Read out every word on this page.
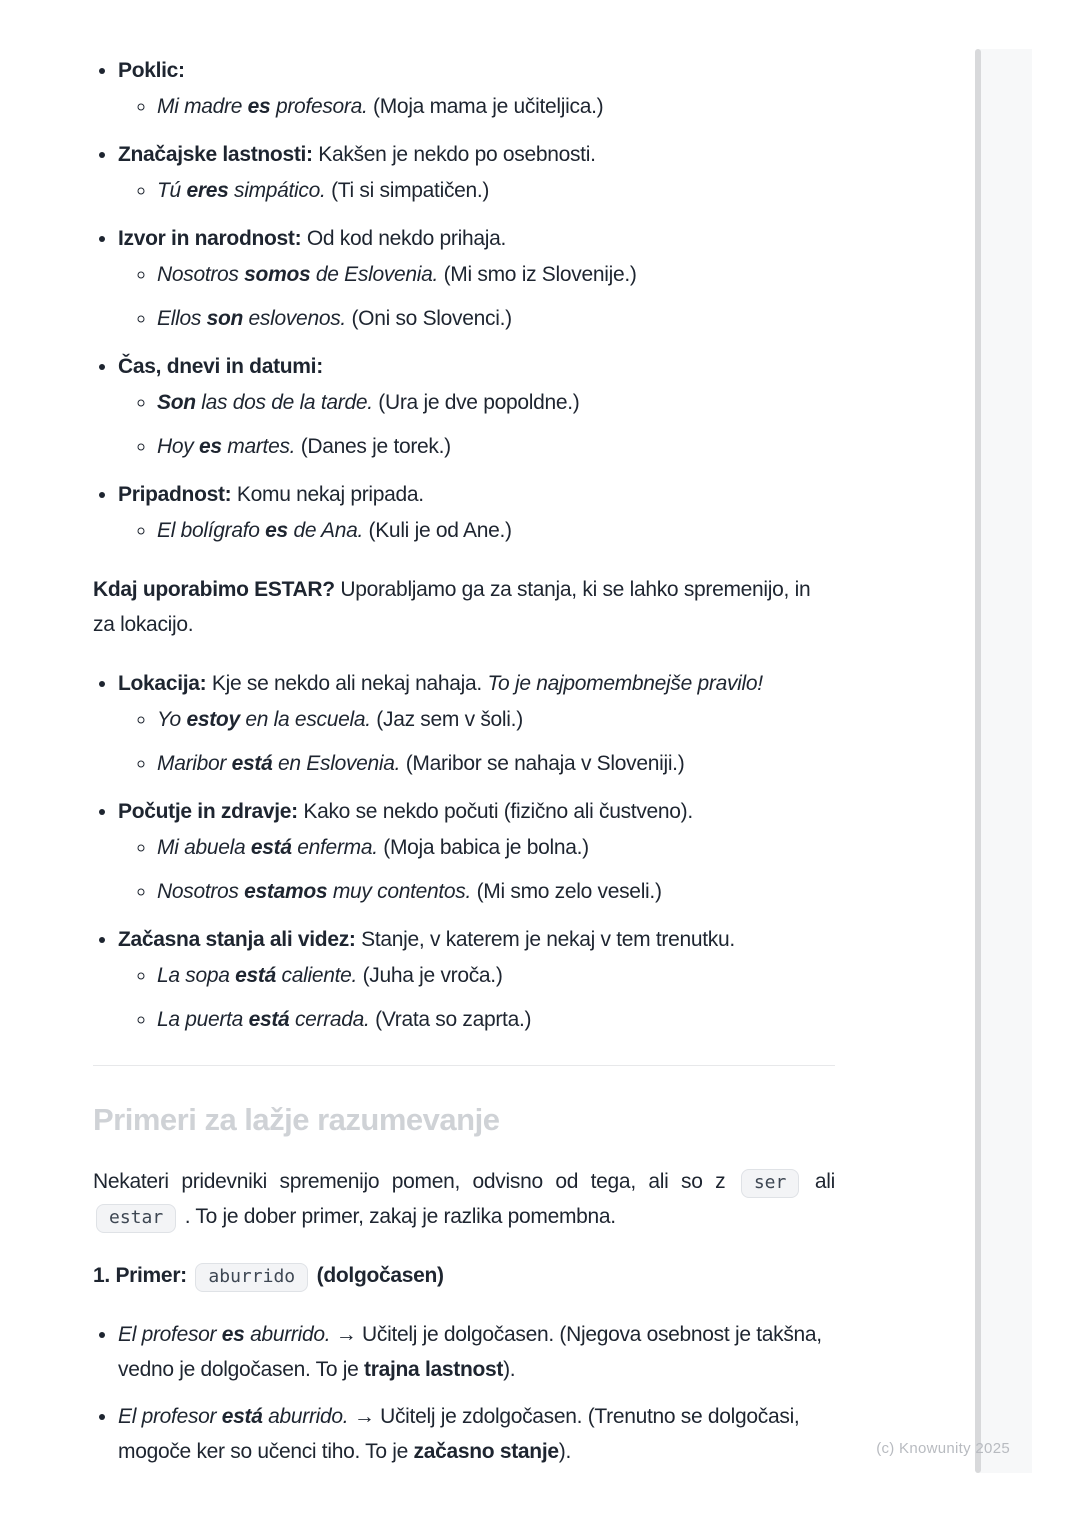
• Poklic:
◦ Mi madre es profesora. (Moja mama je učiteljica.)
• Značajske lastnosti: Kakšen je nekdo po osebnosti.
◦ Tú eres simpático. (Ti si simpatičen.)
• Izvor in narodnost: Od kod nekdo prihaja.
◦ Nosotros somos de Eslovenia. (Mi smo iz Slovenije.)
◦ Ellos son eslovenos. (Oni so Slovenci.)
• Čas, dnevi in datumi:
◦ Son las dos de la tarde. (Ura je dve popoldne.)
◦ Hoy es martes. (Danes je torek.)
• Pripadnost: Komu nekaj pripada.
◦ El bolígrafo es de Ana. (Kuli je od Ane.)

Kdaj uporabimo ESTAR? Uporabljamo ga za stanja, ki se lahko spremenijo, in za lokacijo.

• Lokacija: Kje se nekdo ali nekaj nahaja. To je najpomembnejše pravilo!
◦ Yo estoy en la escuela. (Jaz sem v šoli.)
◦ Maribor está en Eslovenia. (Maribor se nahaja v Sloveniji.)
• Počutje in zdravje: Kako se nekdo počuti (fizično ali čustveno).
◦ Mi abuela está enferma. (Moja babica je bolna.)
◦ Nosotros estamos muy contentos. (Mi smo zelo veseli.)
• Začasna stanja ali videz: Stanje, v katerem je nekaj v tem trenutku.
◦ La sopa está caliente. (Juha je vroča.)
◦ La puerta está cerrada. (Vrata so zaprta.)
Primeri za lažje razumevanje

Nekateri pridevniki spremenijo pomen, odvisno od tega, ali so z ser ali estar . To je dober primer, zakaj je razlika pomembna.

1. Primer: aburrido (dolgočasen)

• El profesor es aburrido. → Učitelj je dolgočasen. (Njegova osebnost je takšna, vedno je dolgočasen. To je trajna lastnost).
• El profesor está aburrido. → Učitelj je zdolgočasen. (Trenutno se dolgočasi, mogoče ker so učenci tiho. To je začasno stanje).	(c) Knowunity 2025
